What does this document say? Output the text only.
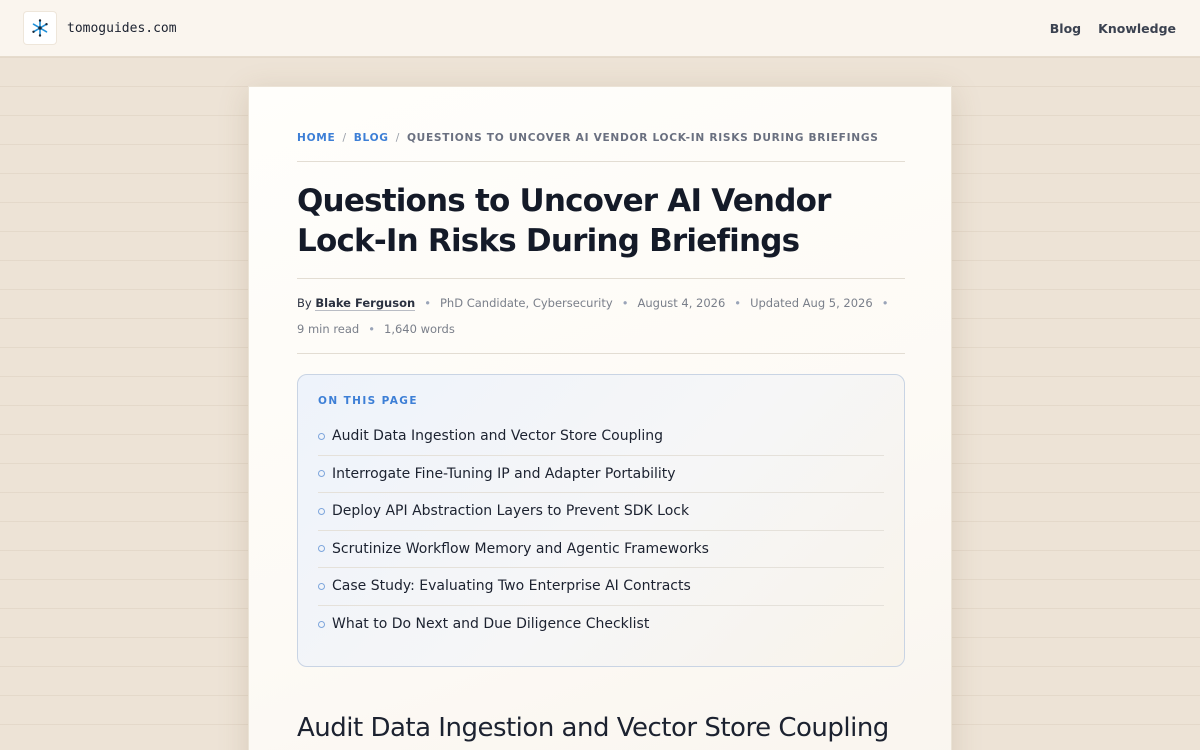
tomoguides.com	Blog Knowledge
HOME / BLOG / QUESTIONS TO UNCOVER AI VENDOR LOCK-IN RISKS DURING BRIEFINGS
Questions to Uncover AI Vendor Lock-In Risks During Briefings
By Blake Ferguson • PhD Candidate, Cybersecurity • August 4, 2026 • Updated Aug 5, 2026 •
9 min read • 1,640 words
ON THIS PAGE
Audit Data Ingestion and Vector Store Coupling
Interrogate Fine-Tuning IP and Adapter Portability
Deploy API Abstraction Layers to Prevent SDK Lock
Scrutinize Workflow Memory and Agentic Frameworks
Case Study: Evaluating Two Enterprise AI Contracts
What to Do Next and Due Diligence Checklist
Audit Data Ingestion and Vector Store Coupling
